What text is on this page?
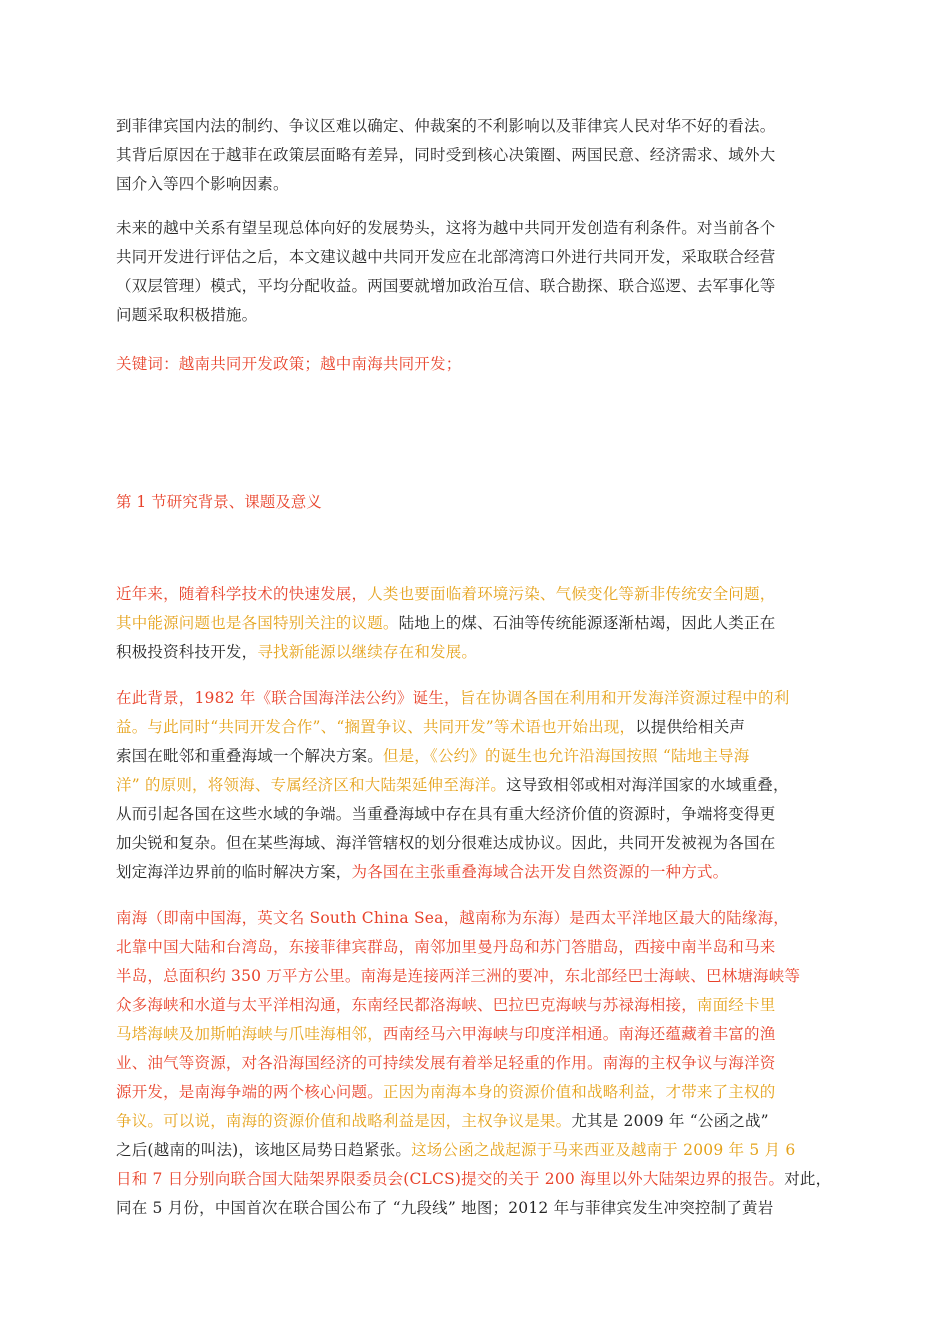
到菲律宾国内法的制约、争议区难以确定、仲裁案的不利影响以及菲律宾人民对华不好的看法。
其背后原因在于越菲在政策层面略有差异，同时受到核心决策圈、两国民意、经济需求、域外大
国介入等四个影响因素。
未来的越中关系有望呈现总体向好的发展势头，这将为越中共同开发创造有利条件。对当前各个
共同开发进行评估之后，本文建议越中共同开发应在北部湾湾口外进行共同开发，采取联合经营
（双层管理）模式，平均分配收益。两国要就增加政治互信、联合勘探、联合巡逻、去军事化等
问题采取积极措施。
关键词：越南共同开发政策；越中南海共同开发；
第 1 节研究背景、课题及意义
近年来，随着科学技术的快速发展，人类也要面临着环境污染、气候变化等新非传统安全问题，
其中能源问题也是各国特别关注的议题。陆地上的煤、石油等传统能源逐渐枯竭，因此人类正在
积极投资科技开发，寻找新能源以继续存在和发展。
在此背景，1982 年《联合国海洋法公约》诞生，旨在协调各国在利用和开发海洋资源过程中的利
益。与此同时“共同开发合作”、“搁置争议、共同开发”等术语也开始出现，以提供给相关声
索国在毗邻和重叠海域一个解决方案。但是，《公约》的诞生也允许沿海国按照 “陆地主导海
洋” 的原则，将领海、专属经济区和大陆架延伸至海洋。这导致相邻或相对海洋国家的水域重叠，
从而引起各国在这些水域的争端。当重叠海域中存在具有重大经济价值的资源时，争端将变得更
加尖锐和复杂。但在某些海域、海洋管辖权的划分很难达成协议。因此，共同开发被视为各国在
划定海洋边界前的临时解决方案，为各国在主张重叠海域合法开发自然资源的一种方式。
南海（即南中国海，英文名 South China Sea，越南称为东海）是西太平洋地区最大的陆缘海，
北靠中国大陆和台湾岛，东接菲律宾群岛，南邻加里曼丹岛和苏门答腊岛，西接中南半岛和马来
半岛，总面积约 350 万平方公里。南海是连接两洋三洲的要冲，东北部经巴士海峡、巴林塘海峡等
众多海峡和水道与太平洋相沟通，东南经民都洛海峡、巴拉巴克海峡与苏禄海相接，南面经卡里
马塔海峡及加斯帕海峡与爪哇海相邻，西南经马六甲海峡与印度洋相通。南海还蕴藏着丰富的渔
业、油气等资源，对各沿海国经济的可持续发展有着举足轻重的作用。南海的主权争议与海洋资
源开发，是南海争端的两个核心问题。正因为南海本身的资源价值和战略利益，才带来了主权的
争议。可以说，南海的资源价值和战略利益是因，主权争议是果。尤其是 2009 年 “公函之战”
之后(越南的叫法)，该地区局势日趋紧张。这场公函之战起源于马来西亚及越南于 2009 年 5 月 6
日和 7 日分别向联合国大陆架界限委员会(CLCS)提交的关于 200 海里以外大陆架边界的报告。对此，
同在 5 月份，中国首次在联合国公布了 “九段线” 地图；2012 年与菲律宾发生冲突控制了黄岩
